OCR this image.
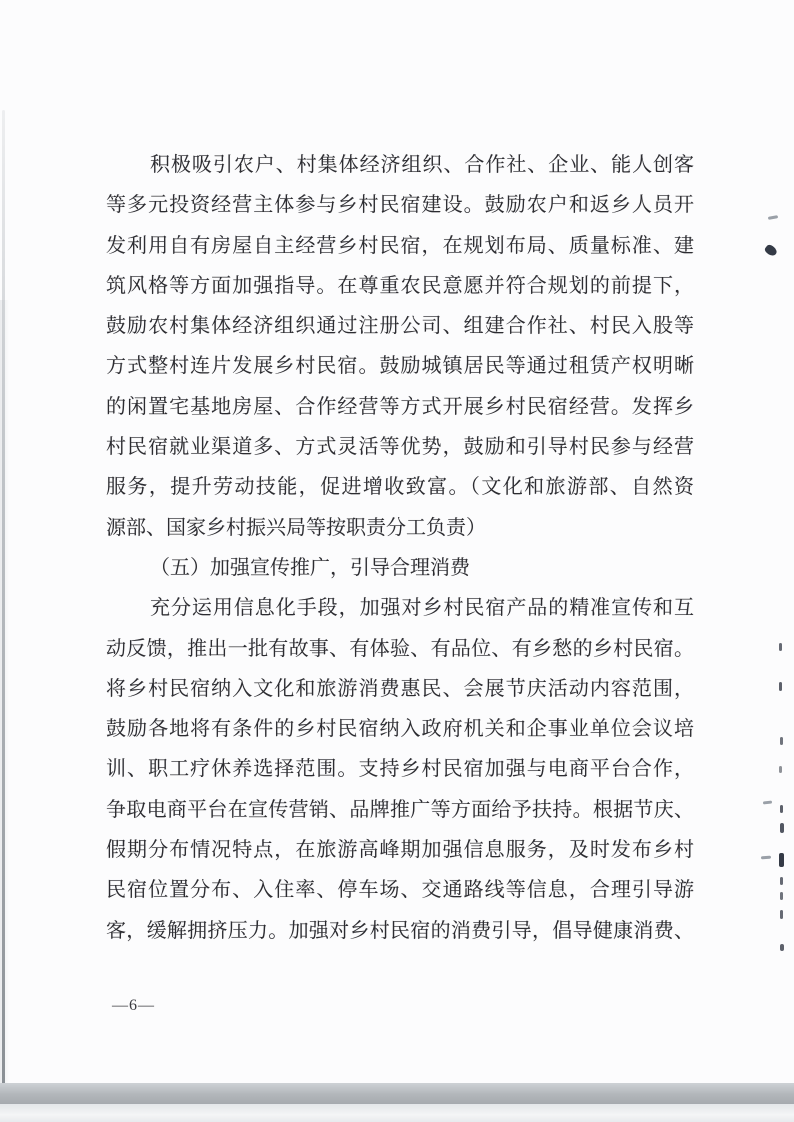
积极吸引农户、村集体经济组织、合作社、企业、能人创客
等多元投资经营主体参与乡村民宿建设。鼓励农户和返乡人员开
发利用自有房屋自主经营乡村民宿，在规划布局、质量标准、建
筑风格等方面加强指导。在尊重农民意愿并符合规划的前提下，
鼓励农村集体经济组织通过注册公司、组建合作社、村民入股等
方式整村连片发展乡村民宿。鼓励城镇居民等通过租赁产权明晰
的闲置宅基地房屋、合作经营等方式开展乡村民宿经营。发挥乡
村民宿就业渠道多、方式灵活等优势，鼓励和引导村民参与经营
服务，提升劳动技能，促进增收致富。（文化和旅游部、自然资
源部、国家乡村振兴局等按职责分工负责）
（五）加强宣传推广，引导合理消费
充分运用信息化手段，加强对乡村民宿产品的精准宣传和互
动反馈，推出一批有故事、有体验、有品位、有乡愁的乡村民宿。
将乡村民宿纳入文化和旅游消费惠民、会展节庆活动内容范围，
鼓励各地将有条件的乡村民宿纳入政府机关和企事业单位会议培
训、职工疗休养选择范围。支持乡村民宿加强与电商平台合作，
争取电商平台在宣传营销、品牌推广等方面给予扶持。根据节庆、
假期分布情况特点，在旅游高峰期加强信息服务，及时发布乡村
民宿位置分布、入住率、停车场、交通路线等信息，合理引导游
客，缓解拥挤压力。加强对乡村民宿的消费引导，倡导健康消费、
—6—
